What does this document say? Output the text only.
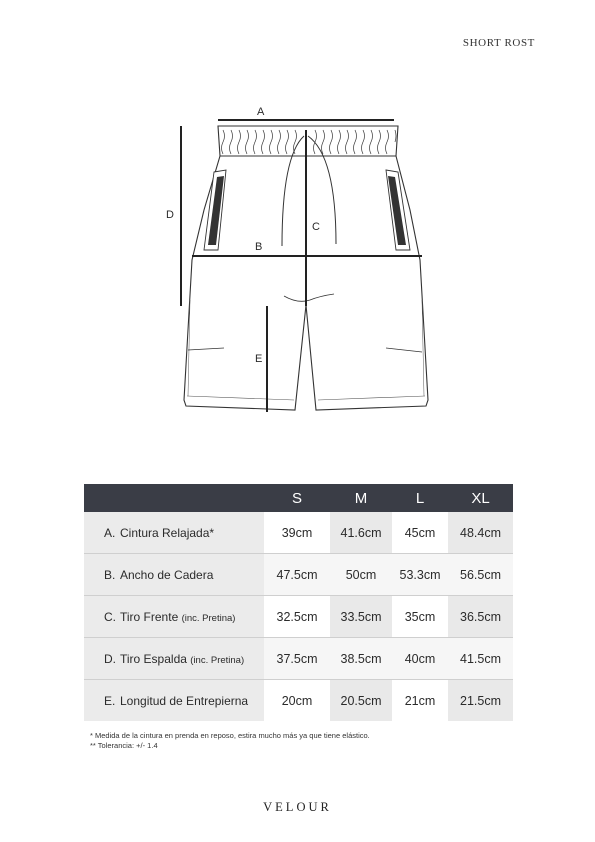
SHORT ROST
A
B
C
D
E
	S	M	L	XL
A. Cintura Relajada*	39cm	41.6cm	45cm	48.4cm
B. Ancho de Cadera	47.5cm	50cm	53.3cm	56.5cm
C. Tiro Frente (inc. Pretina)	32.5cm	33.5cm	35cm	36.5cm
D. Tiro Espalda (inc. Pretina)	37.5cm	38.5cm	40cm	41.5cm
E. Longitud de Entrepierna	20cm	20.5cm	21cm	21.5cm
* Medida de la cintura en prenda en reposo, estira mucho más ya que tiene elástico.
** Tolerancia: +/- 1.4
VELOUR
